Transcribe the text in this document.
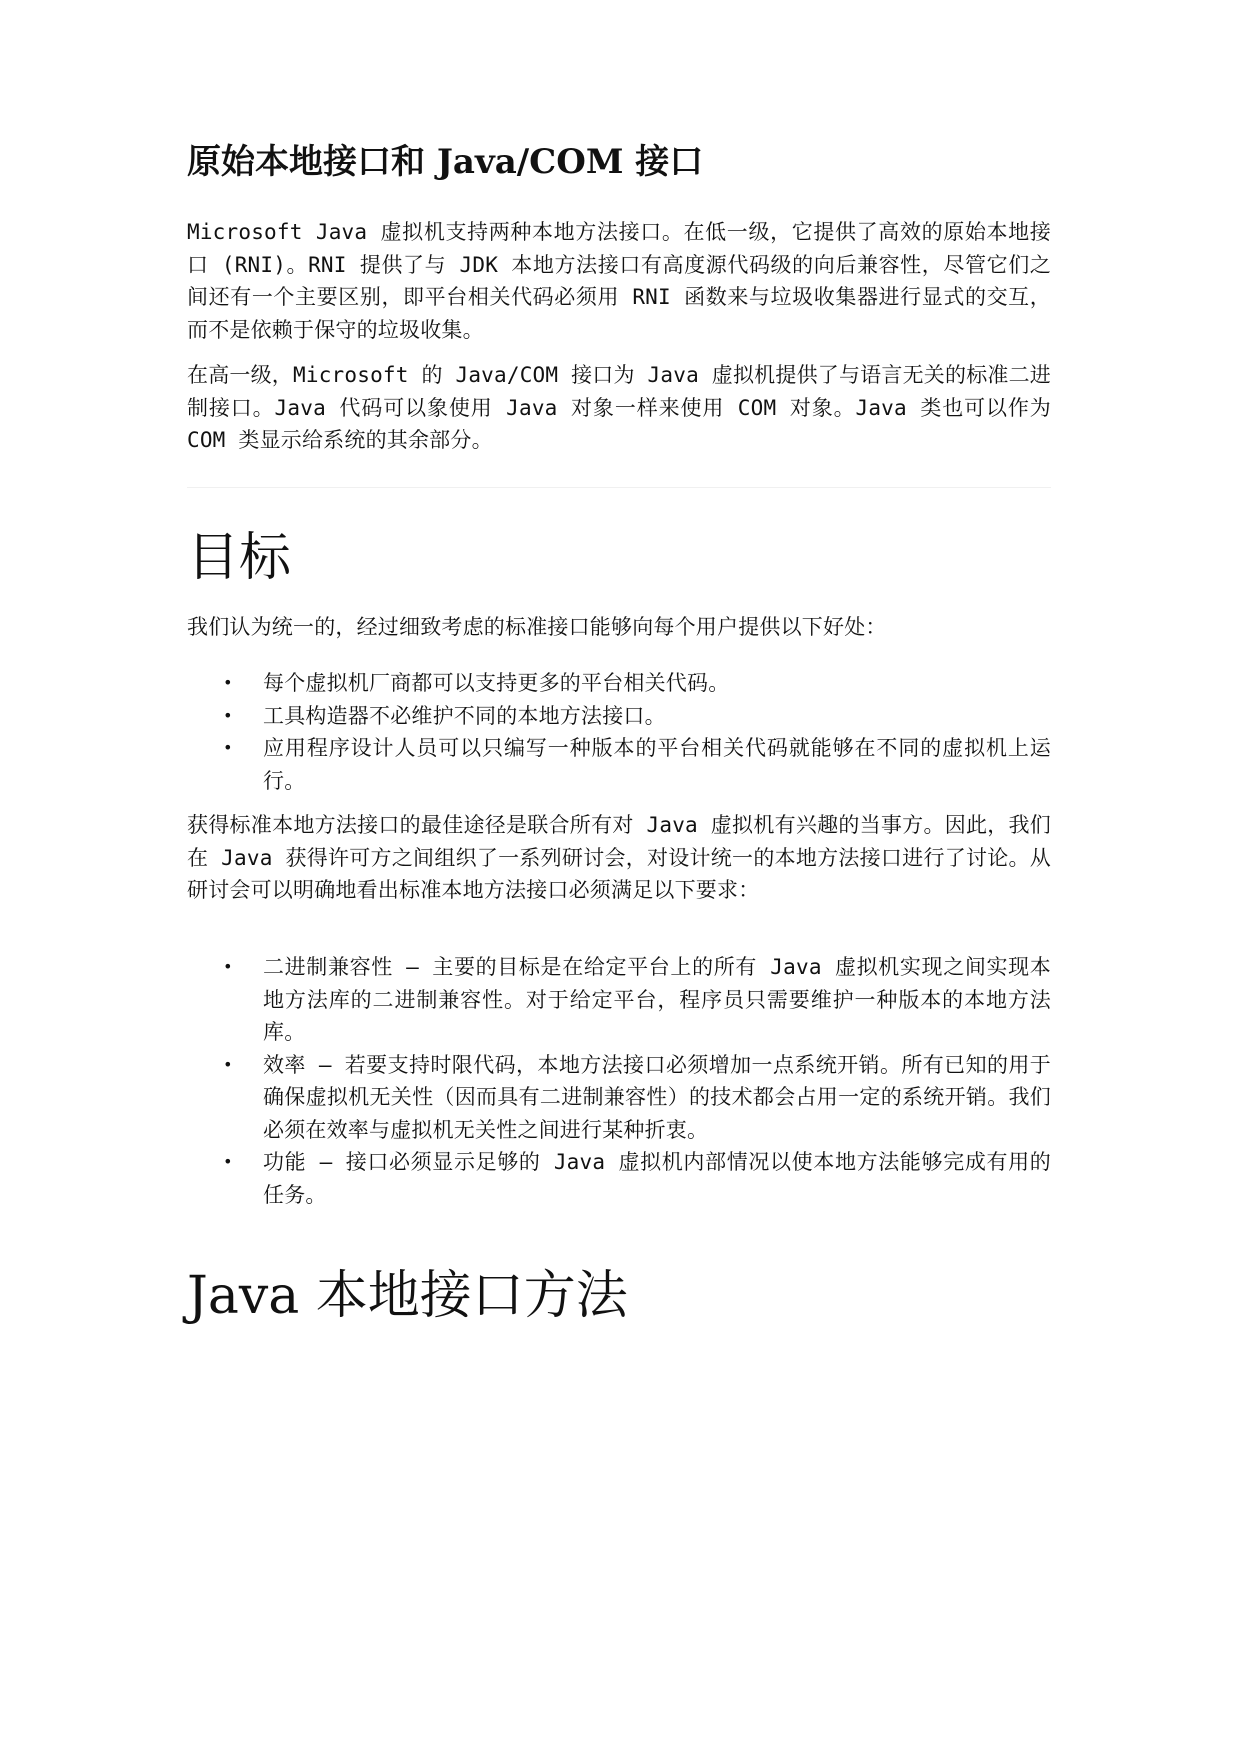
原始本地接口和 Java/COM 接口

Microsoft Java 虚拟机支持两种本地方法接口。在低一级，它提供了高效的原始本地接口 (RNI)。RNI 提供了与 JDK 本地方法接口有高度源代码级的向后兼容性，尽管它们之间还有一个主要区别，即平台相关代码必须用 RNI 函数来与垃圾收集器进行显式的交互，而不是依赖于保守的垃圾收集。

在高一级，Microsoft 的 Java/COM 接口为 Java 虚拟机提供了与语言无关的标准二进制接口。Java 代码可以象使用 Java 对象一样来使用 COM 对象。Java 类也可以作为 COM 类显示给系统的其余部分。

目标

我们认为统一的，经过细致考虑的标准接口能够向每个用户提供以下好处：

• 每个虚拟机厂商都可以支持更多的平台相关代码。
• 工具构造器不必维护不同的本地方法接口。
• 应用程序设计人员可以只编写一种版本的平台相关代码就能够在不同的虚拟机上运行。

获得标准本地方法接口的最佳途径是联合所有对 Java 虚拟机有兴趣的当事方。因此，我们在 Java 获得许可方之间组织了一系列研讨会，对设计统一的本地方法接口进行了讨论。从研讨会可以明确地看出标准本地方法接口必须满足以下要求：

• 二进制兼容性 – 主要的目标是在给定平台上的所有 Java 虚拟机实现之间实现本地方法库的二进制兼容性。对于给定平台，程序员只需要维护一种版本的本地方法库。
• 效率 – 若要支持时限代码，本地方法接口必须增加一点系统开销。所有已知的用于确保虚拟机无关性（因而具有二进制兼容性）的技术都会占用一定的系统开销。我们必须在效率与虚拟机无关性之间进行某种折衷。
• 功能 – 接口必须显示足够的 Java 虚拟机内部情况以使本地方法能够完成有用的任务。
Java 本地接口方法
